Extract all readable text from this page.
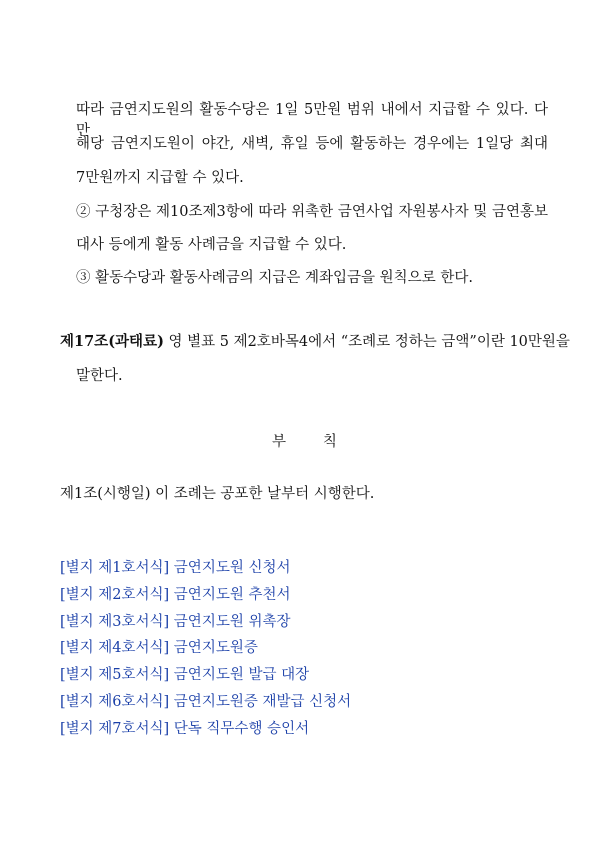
따라 금연지도원의 활동수당은 1일 5만원 범위 내에서 지급할 수 있다. 다만
해당 금연지도원이 야간, 새벽, 휴일 등에 활동하는 경우에는 1일당 최대
7만원까지 지급할 수 있다.
② 구청장은 제10조제3항에 따라 위촉한 금연사업 자원봉사자 및 금연홍보
대사 등에게 활동 사례금을 지급할 수 있다.
③ 활동수당과 활동사례금의 지급은 계좌입금을 원칙으로 한다.
제17조(과태료) 영 별표 5 제2호바목4에서 “조례로 정하는 금액”이란 10만원을
말한다.
부        칙
제1조(시행일) 이 조례는 공포한 날부터 시행한다.
[별지 제1호서식] 금연지도원 신청서
[별지 제2호서식] 금연지도원 추천서
[별지 제3호서식] 금연지도원 위촉장
[별지 제4호서식] 금연지도원증
[별지 제5호서식] 금연지도원 발급 대장
[별지 제6호서식] 금연지도원증 재발급 신청서
[별지 제7호서식] 단독 직무수행 승인서
